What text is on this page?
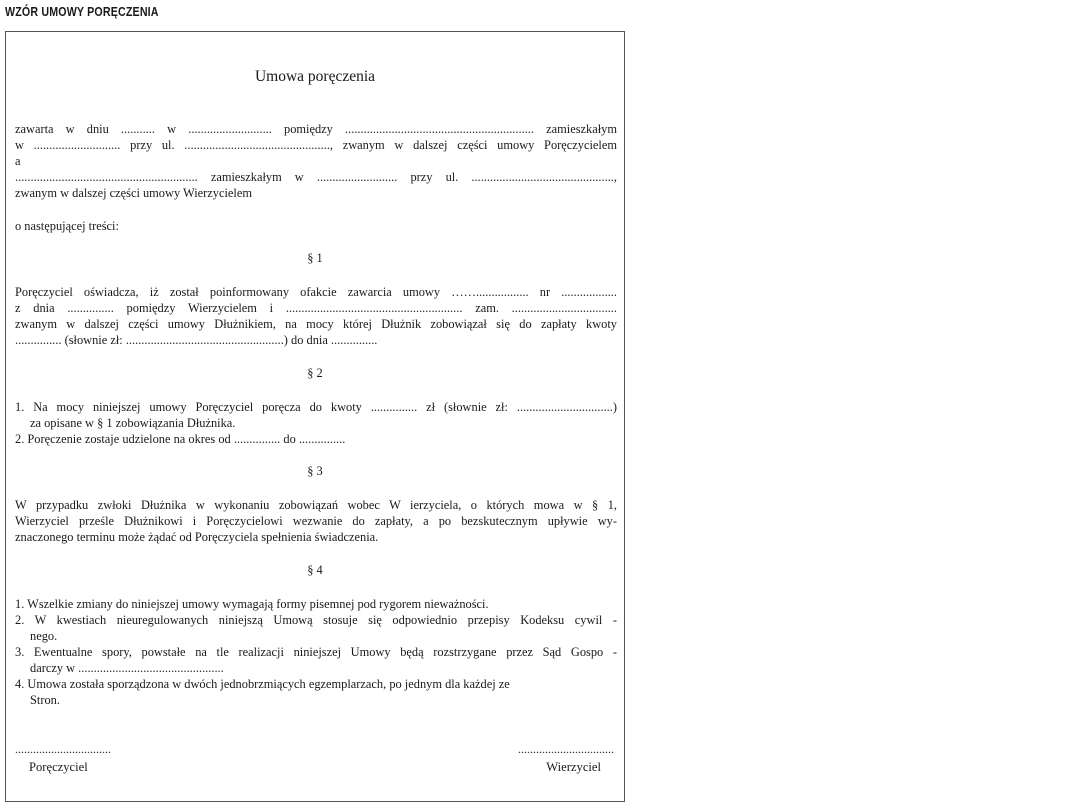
WZÓR UMOWY PORĘCZENIA
Umowa poręczenia
zawarta w dniu ........... w ........................... pomiędzy ............................................................. zamieszkałym
w ............................ przy ul. ..............................................., zwanym w dalszej części umowy Poręczycielem
a
........................................................... zamieszkałym w .......................... przy ul. ..............................................,
zwanym w dalszej części umowy Wierzycielem
o następującej treści:
§ 1
Poręczyciel oświadcza, iż został poinformowany ofakcie zawarcia umowy ……................. nr ..................
z dnia ............... pomiędzy Wierzycielem i ......................................................... zam. ..................................
zwanym w dalszej części umowy Dłużnikiem, na mocy której Dłużnik zobowiązał się do zapłaty kwoty
............... (słownie zł: ...................................................) do dnia ...............
§ 2
1. Na mocy niniejszej umowy Poręczyciel poręcza do kwoty ............... zł (słownie zł: ...............................)
za opisane w § 1 zobowiązania Dłużnika.
2. Poręczenie zostaje udzielone na okres od ............... do ...............
§ 3
W przypadku zwłoki Dłużnika w wykonaniu zobowiązań wobec W ierzyciela, o których mowa w § 1,
Wierzyciel prześle Dłużnikowi i Poręczycielowi wezwanie do zapłaty, a po bezskutecznym upływie wy-
znaczonego terminu może żądać od Poręczyciela spełnienia świadczenia.
§ 4
1. Wszelkie zmiany do niniejszej umowy wymagają formy pisemnej pod rygorem nieważności.
2. W kwestiach nieuregulowanych niniejszą Umową stosuje się odpowiednio przepisy Kodeksu cywil -
nego.
3. Ewentualne spory, powstałe na tle realizacji niniejszej Umowy będą rozstrzygane przez Sąd Gospo -
darczy w ...............................................
4. Umowa została sporządzona w dwóch jednobrzmiących egzemplarzach, po jednym dla każdej ze
Stron.
................................	................................
Poręczyciel	Wierzyciel
